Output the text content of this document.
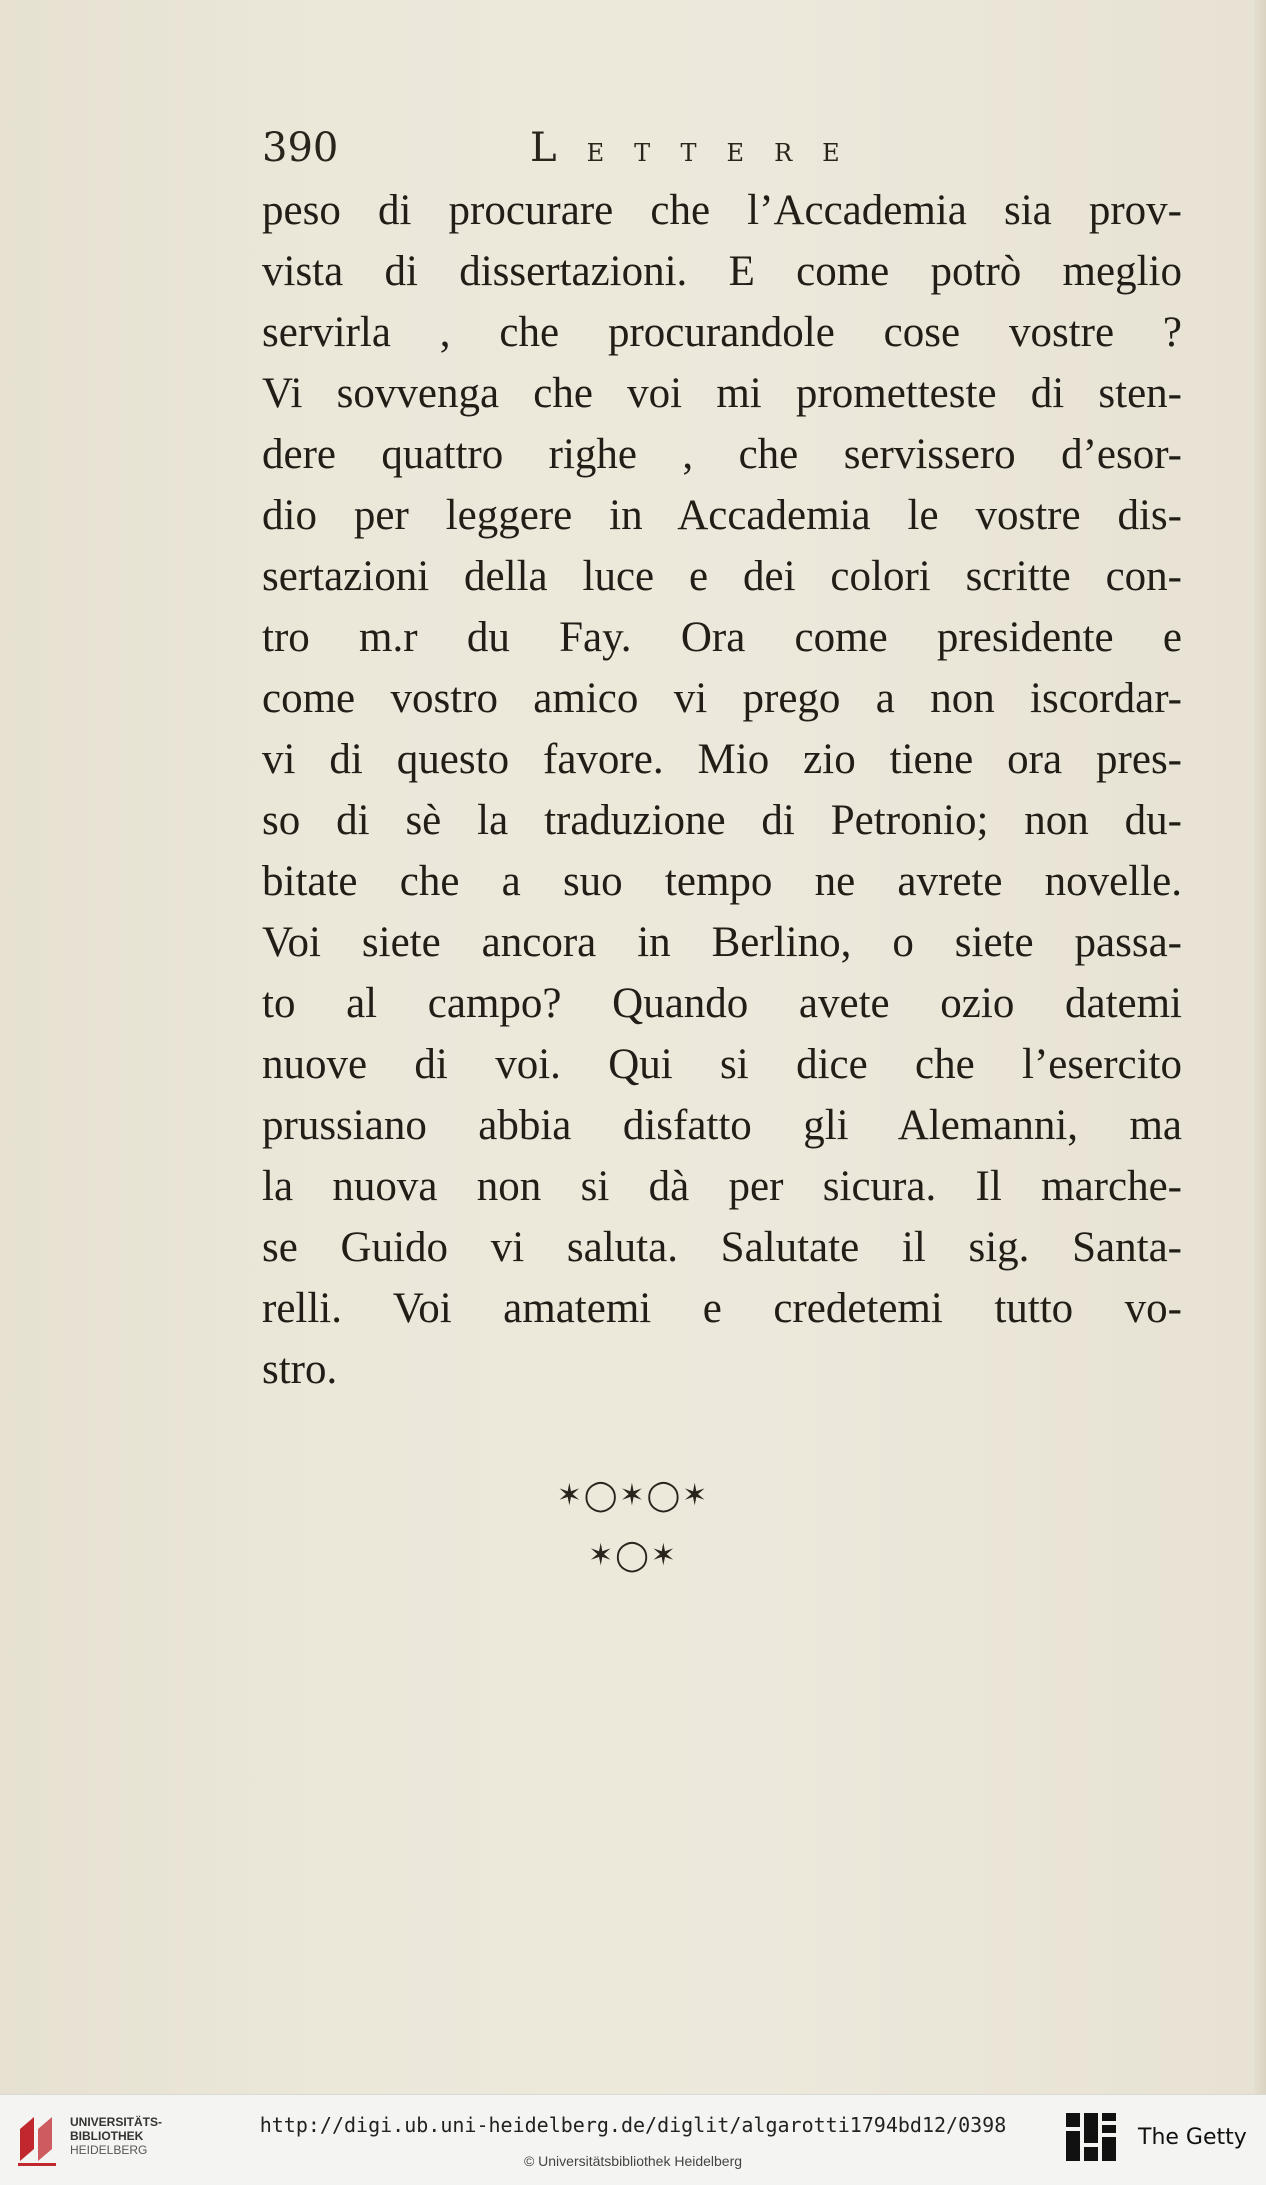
390	LETTERE
peso di procurare che l’Accademia sia prov-
vista di dissertazioni. E come potrò meglio
servirla , che procurandole cose vostre ?
Vi sovvenga che voi mi prometteste di sten-
dere quattro righe , che servissero d’esor-
dio per leggere in Accademia le vostre dis-
sertazioni della luce e dei colori scritte con-
tro m.r du Fay. Ora come presidente e
come vostro amico vi prego a non iscordar-
vi di questo favore. Mio zio tiene ora pres-
so di sè la traduzione di Petronio; non du-
bitate che a suo tempo ne avrete novelle.
Voi siete ancora in Berlino, o siete passa-
to al campo? Quando avete ozio datemi
nuove di voi. Qui si dice che l’esercito
prussiano abbia disfatto gli Alemanni, ma
la nuova non si dà per sicura. Il marche-
se Guido vi saluta. Salutate il sig. Santa-
relli. Voi amatemi e credetemi tutto vo-
stro.
✶◯✶◯✶
✶◯✶
UNIVERSITÄTS-
BIBLIOTHEK
HEIDELBERG
http://digi.ub.uni-heidelberg.de/diglit/algarotti1794bd12/0398
© Universitätsbibliothek Heidelberg
The Getty
